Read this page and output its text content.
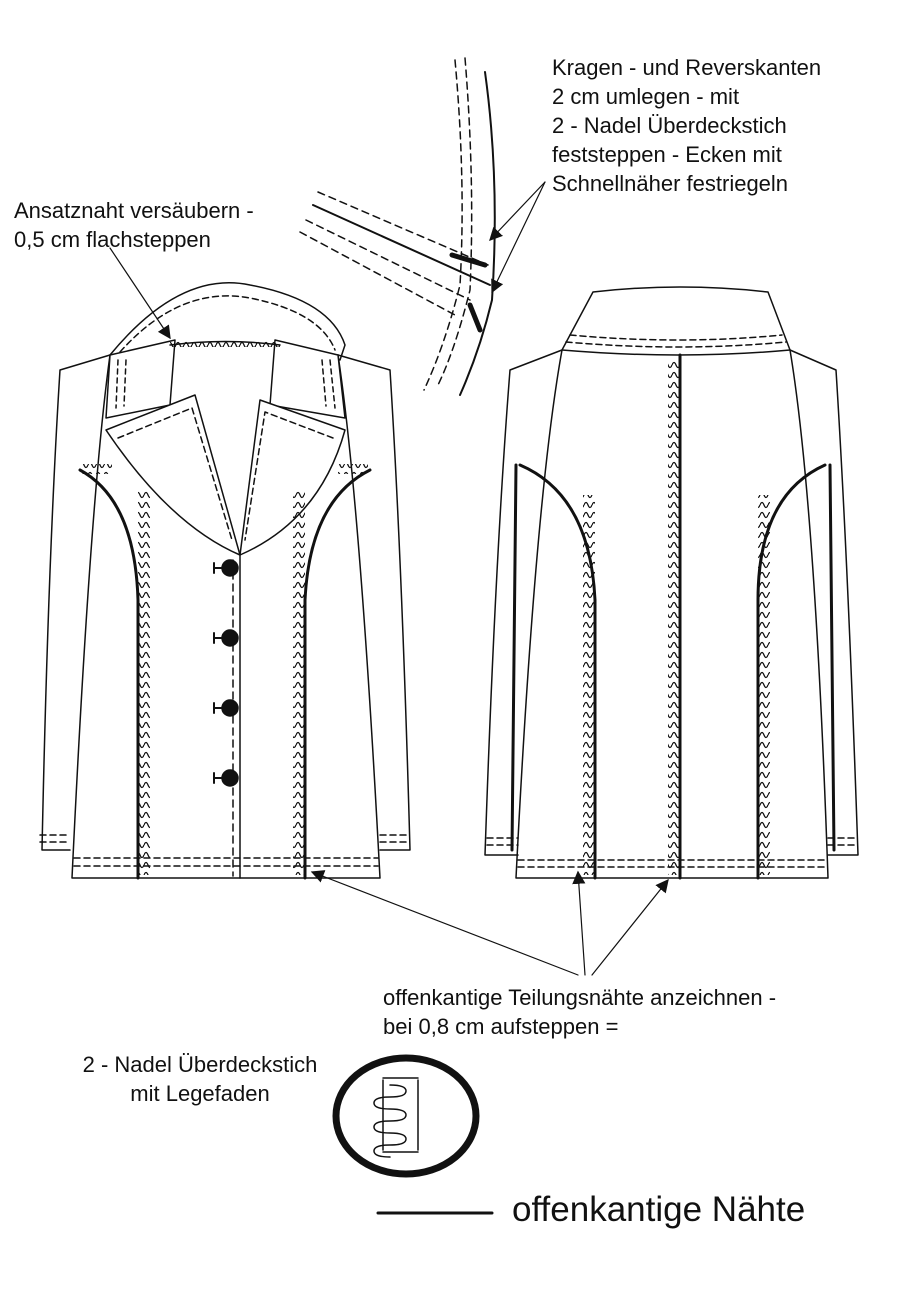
Kragen - und Reverskanten
2 cm umlegen - mit
2 - Nadel Überdeckstich
feststeppen - Ecken mit
Schnellnäher festriegeln
Ansatznaht versäubern -
0,5 cm flachsteppen
offenkantige Teilungsnähte anzeichnen -
bei 0,8 cm aufsteppen =
2 - Nadel Überdeckstich
mit Legefaden
offenkantige Nähte
